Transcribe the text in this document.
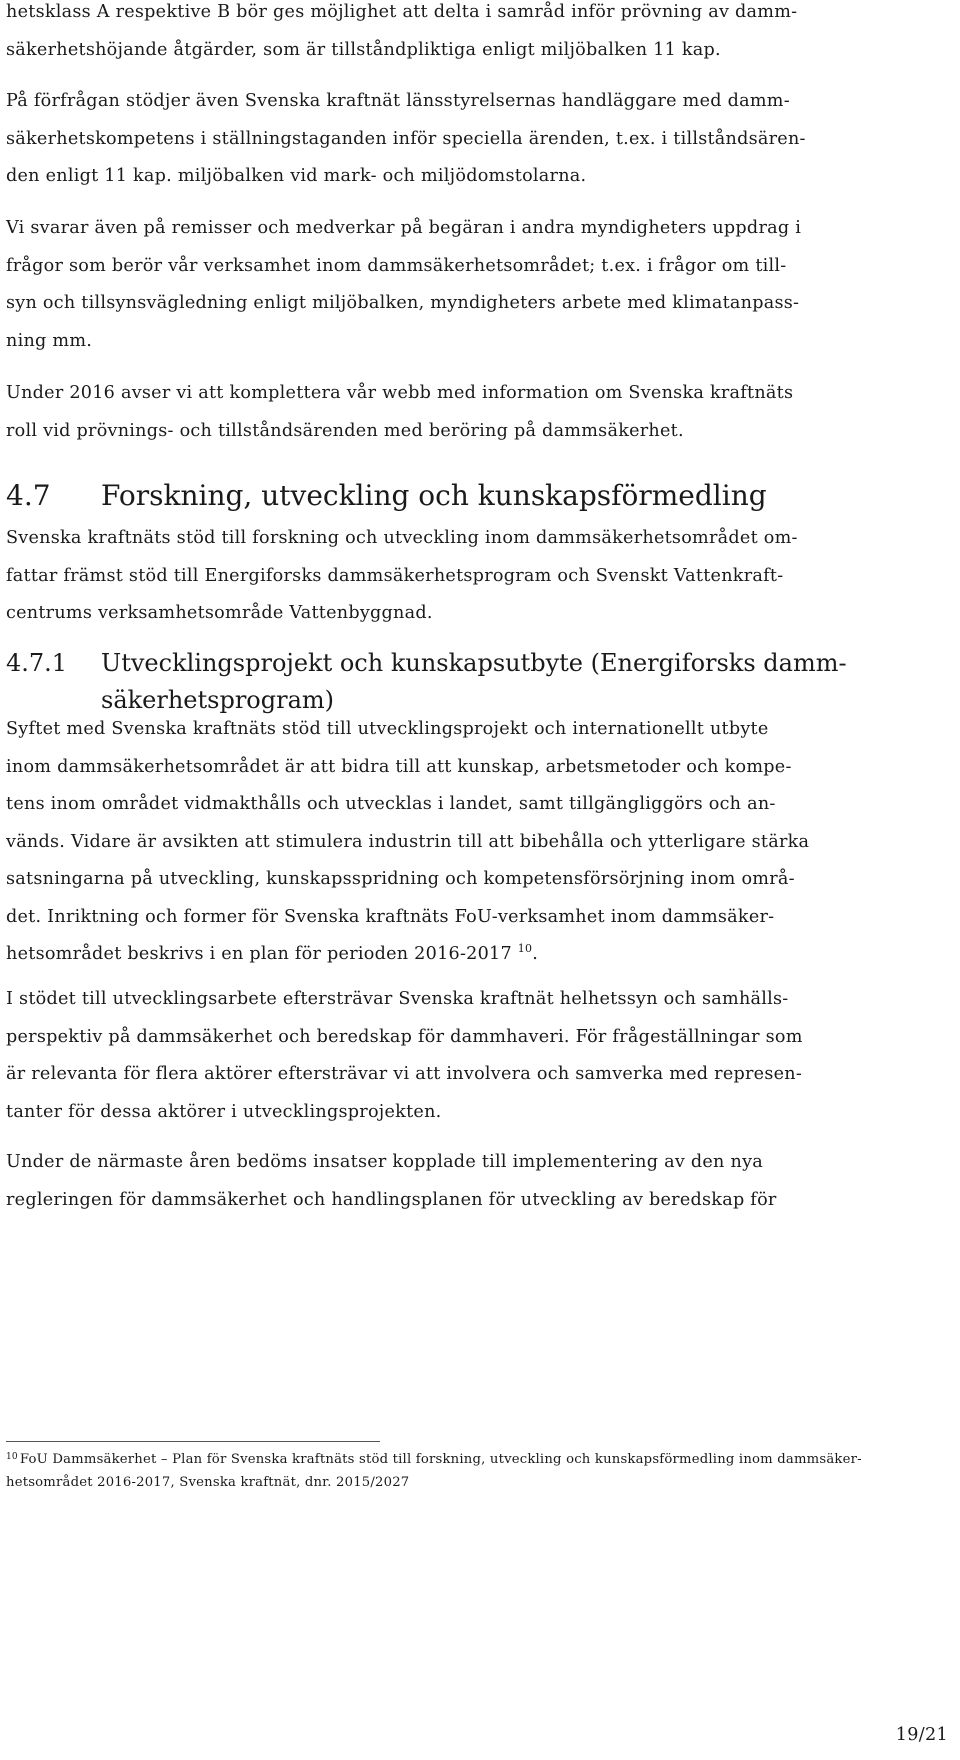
hetsklass A respektive B bör ges möjlighet att delta i samråd inför prövning av damm-
säkerhetshöjande åtgärder, som är tillståndpliktiga enligt miljöbalken 11 kap.
På förfrågan stödjer även Svenska kraftnät länsstyrelsernas handläggare med damm-
säkerhetskompetens i ställningstaganden inför speciella ärenden, t.ex. i tillståndsären-
den enligt 11 kap. miljöbalken vid mark- och miljödomstolarna.
Vi svarar även på remisser och medverkar på begäran i andra myndigheters uppdrag i
frågor som berör vår verksamhet inom dammsäkerhetsområdet; t.ex. i frågor om till-
syn och tillsynsvägledning enligt miljöbalken, myndigheters arbete med klimatanpass-
ning mm.
Under 2016 avser vi att komplettera vår webb med information om Svenska kraftnäts
roll vid prövnings- och tillståndsärenden med beröring på dammsäkerhet.
4.7 Forskning, utveckling och kunskapsförmedling
Svenska kraftnäts stöd till forskning och utveckling inom dammsäkerhetsområdet om-
fattar främst stöd till Energiforsks dammsäkerhetsprogram och Svenskt Vattenkraft-
centrums verksamhetsområde Vattenbyggnad.
4.7.1 Utvecklingsprojekt och kunskapsutbyte (Energiforsks damm-
säkerhetsprogram)
Syftet med Svenska kraftnäts stöd till utvecklingsprojekt och internationellt utbyte
inom dammsäkerhetsområdet är att bidra till att kunskap, arbetsmetoder och kompe-
tens inom området vidmakthålls och utvecklas i landet, samt tillgängliggörs och an-
vänds. Vidare är avsikten att stimulera industrin till att bibehålla och ytterligare stärka
satsningarna på utveckling, kunskapsspridning och kompetensförsörjning inom områ-
det. Inriktning och former för Svenska kraftnäts FoU-verksamhet inom dammsäker-
hetsområdet beskrivs i en plan för perioden 2016-2017 $^{10}$.
I stödet till utvecklingsarbete eftersträvar Svenska kraftnät helhetssyn och samhälls-
perspektiv på dammsäkerhet och beredskap för dammhaveri. För frågeställningar som
är relevanta för flera aktörer eftersträvar vi att involvera och samverka med represen-
tanter för dessa aktörer i utvecklingsprojekten.
Under de närmaste åren bedöms insatser kopplade till implementering av den nya
regleringen för dammsäkerhet och handlingsplanen för utveckling av beredskap för
$^{10}$ FoU Dammsäkerhet – Plan för Svenska kraftnäts stöd till forskning, utveckling och kunskapsförmedling inom dammsäker-
hetsområdet 2016-2017, Svenska kraftnät, dnr. 2015/2027
19/21
